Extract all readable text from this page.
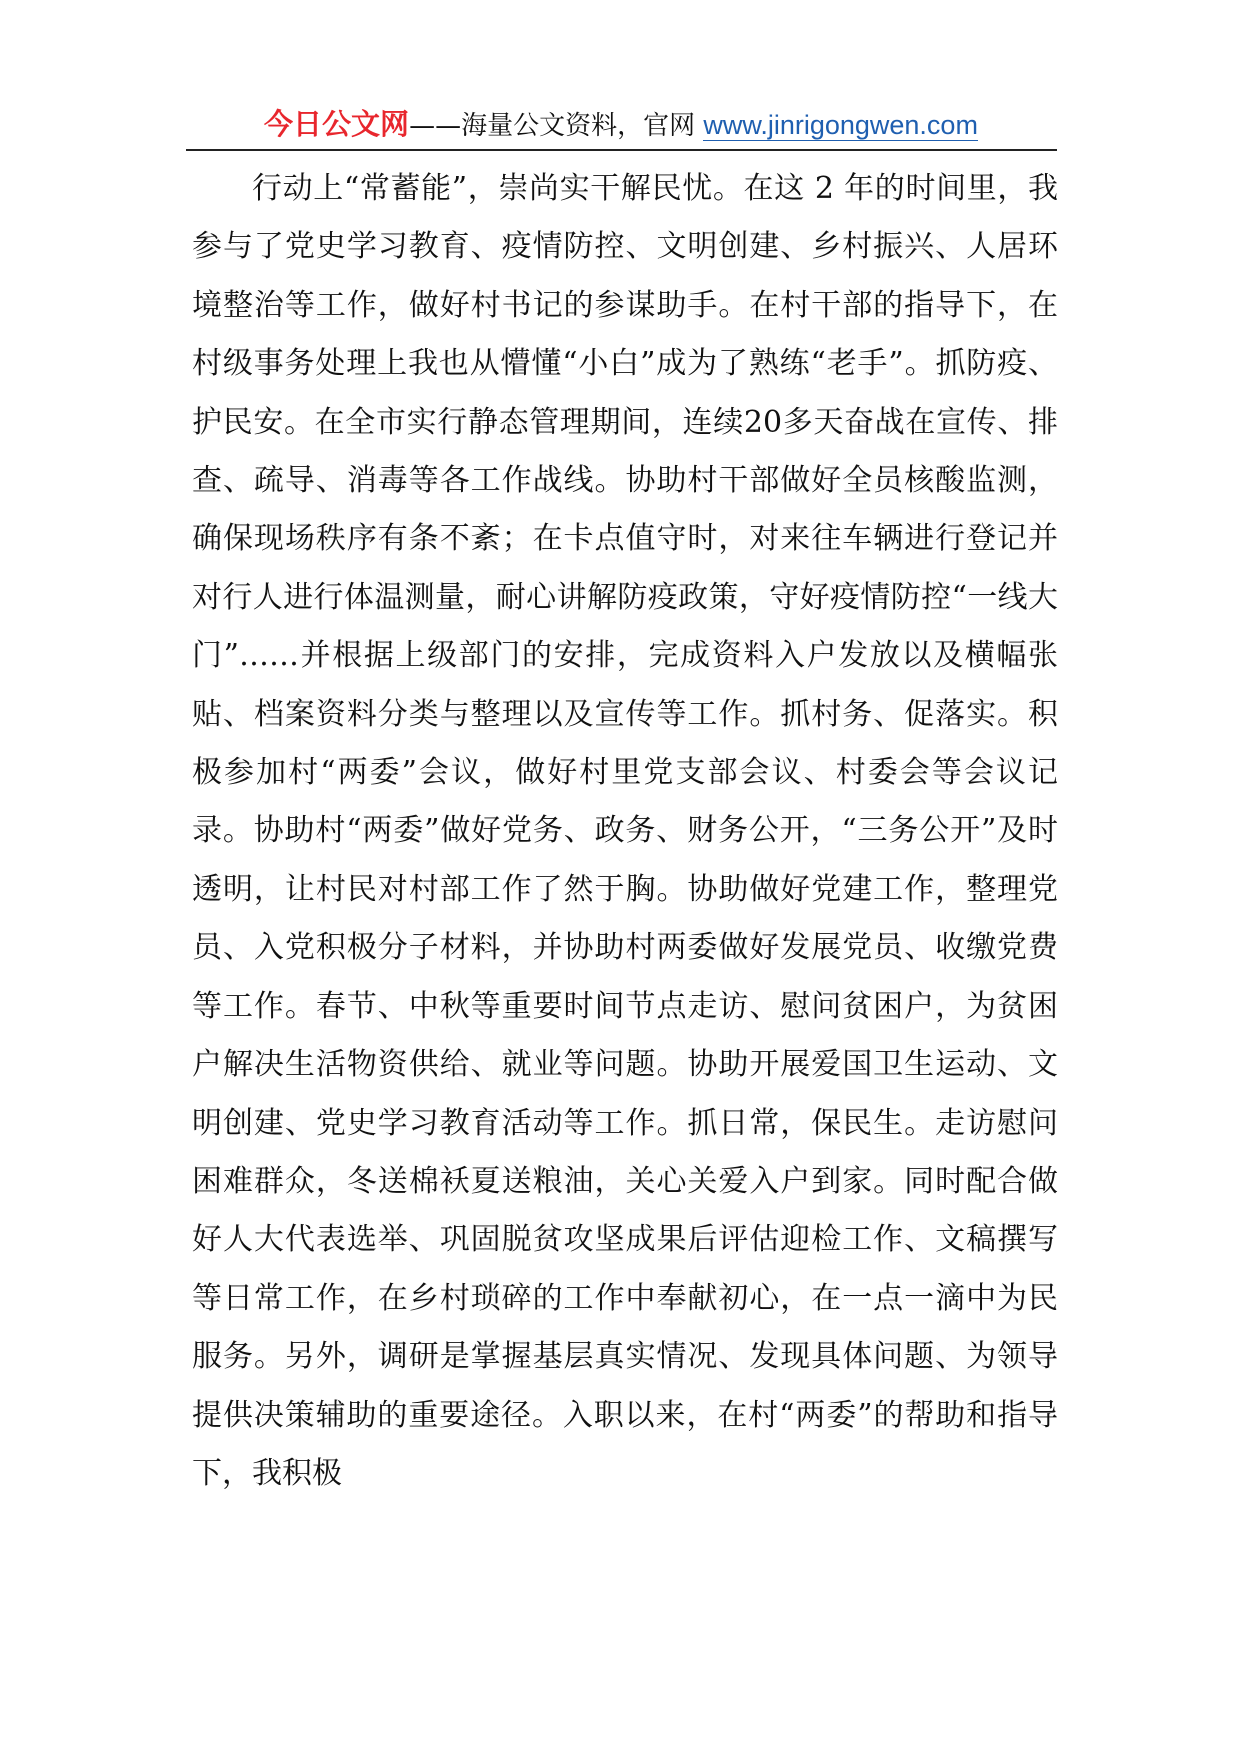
今日公文网——海量公文资料，官网 www.jinrigongwen.com

行动上“常蓄能”，崇尚实干解民忧。在这 2 年的时间里，我参与了党史学习教育、疫情防控、文明创建、乡村振兴、人居环境整治等工作，做好村书记的参谋助手。在村干部的指导下，在村级事务处理上我也从懵懂“小白”成为了熟练“老手”。抓防疫、护民安。在全市实行静态管理期间，连续20多天奋战在宣传、排查、疏导、消毒等各工作战线。协助村干部做好全员核酸监测，确保现场秩序有条不紊；在卡点值守时，对来往车辆进行登记并对行人进行体温测量，耐心讲解防疫政策，守好疫情防控“一线大门”……并根据上级部门的安排，完成资料入户发放以及横幅张贴、档案资料分类与整理以及宣传等工作。抓村务、促落实。积极参加村“两委”会议，做好村里党支部会议、村委会等会议记录。协助村“两委”做好党务、政务、财务公开，“三务公开”及时透明，让村民对村部工作了然于胸。协助做好党建工作，整理党员、入党积极分子材料，并协助村两委做好发展党员、收缴党费等工作。春节、中秋等重要时间节点走访、慰问贫困户，为贫困户解决生活物资供给、就业等问题。协助开展爱国卫生运动、文明创建、党史学习教育活动等工作。抓日常，保民生。走访慰问困难群众，冬送棉袄夏送粮油，关心关爱入户到家。同时配合做好人大代表选举、巩固脱贫攻坚成果后评估迎检工作、文稿撰写等日常工作，在乡村琐碎的工作中奉献初心，在一点一滴中为民服务。另外，调研是掌握基层真实情况、发现具体问题、为领导提供决策辅助的重要途径。入职以来，在村“两委”的帮助和指导下，我积极
